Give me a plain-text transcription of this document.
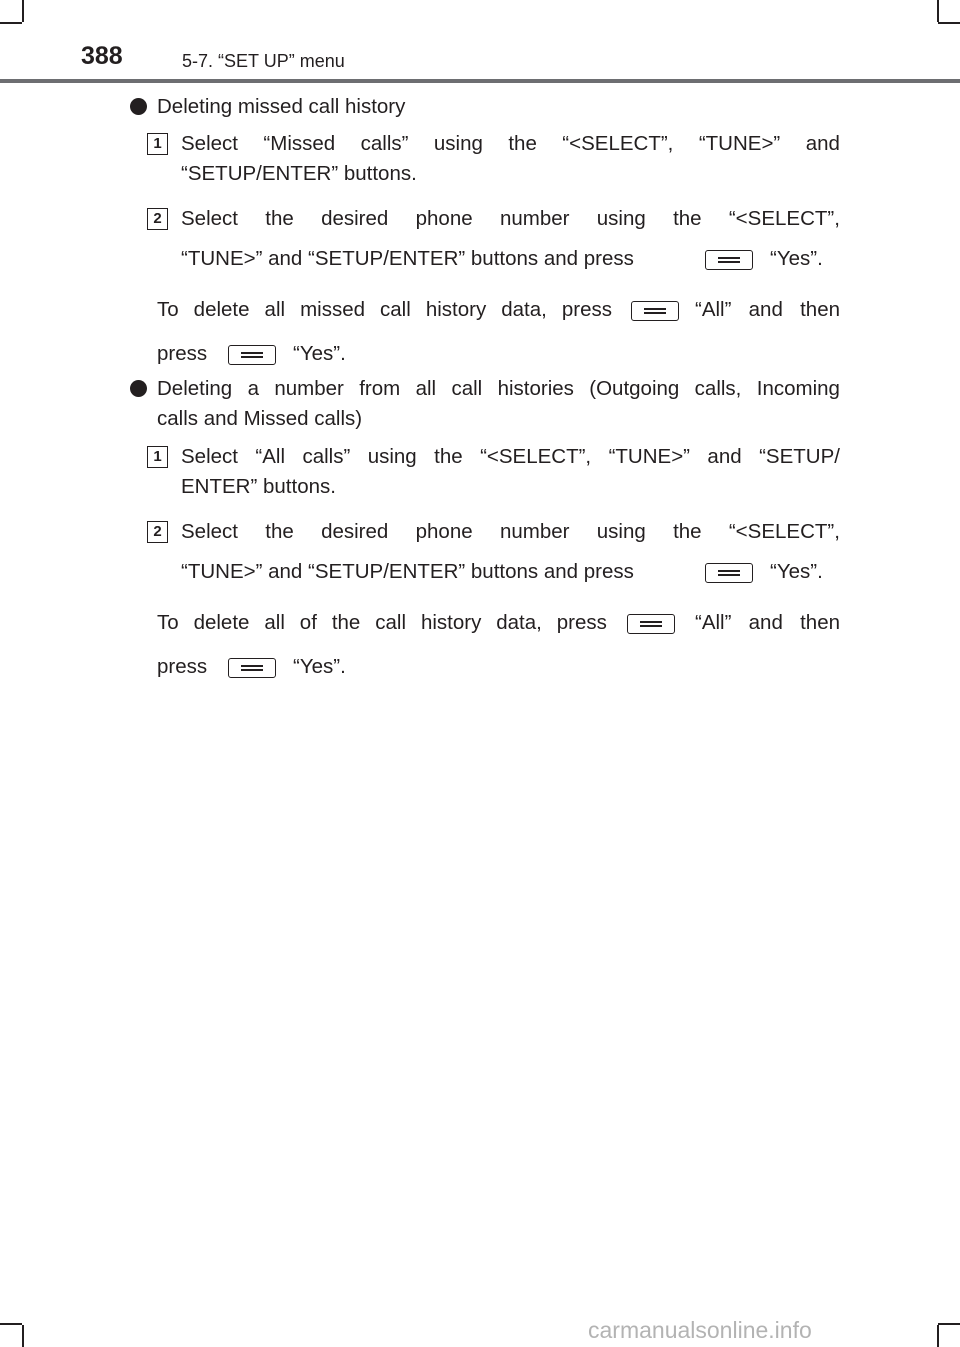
388	5-7. “SET UP” menu
Deleting missed call history
1 Select “Missed calls” using the “<SELECT”, “TUNE>” and
“SETUP/ENTER” buttons.
2 Select the desired phone number using the “<SELECT”,
“TUNE>” and “SETUP/ENTER” buttons and press	“Yes”.
To delete all missed call history data, press	“All” and then
press	“Yes”.
Deleting a number from all call histories (Outgoing calls, Incoming
calls and Missed calls)
1 Select “All calls” using the “<SELECT”, “TUNE>” and “SETUP/
ENTER” buttons.
2 Select the desired phone number using the “<SELECT”,
“TUNE>” and “SETUP/ENTER” buttons and press	“Yes”.
To delete all of the call history data, press	“All” and then
press	“Yes”.
carmanualsonline.info
